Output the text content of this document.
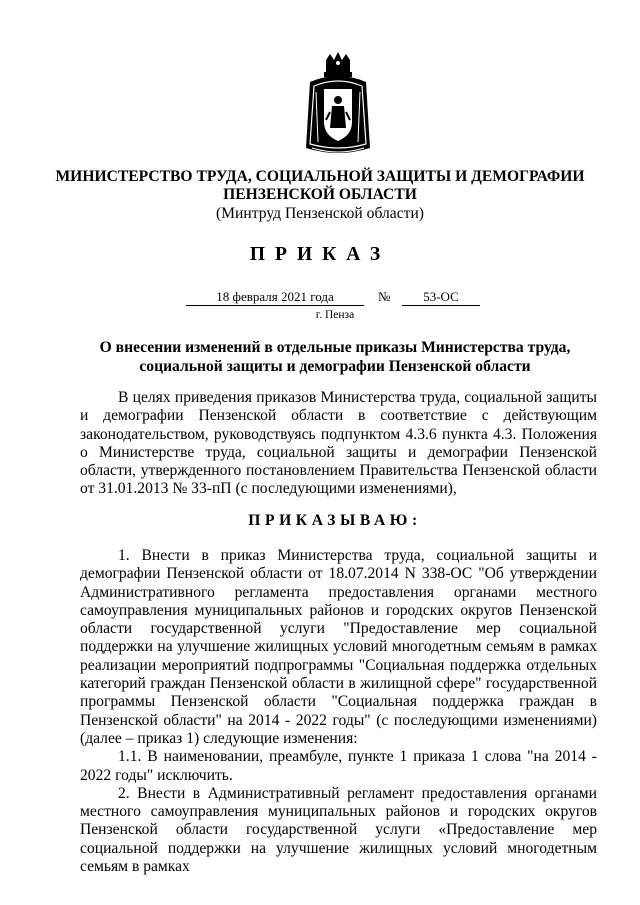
МИНИСТЕРСТВО ТРУДА, СОЦИАЛЬНОЙ ЗАЩИТЫ И ДЕМОГРАФИИ
ПЕНЗЕНСКОЙ ОБЛАСТИ
(Минтруд Пензенской области)
ПРИКАЗ
18 февраля 2021 года	№	53-ОС
г. Пенза
О внесении изменений в отдельные приказы Министерства труда,
социальной защиты и демографии Пензенской области

В целях приведения приказов Министерства труда, социальной защиты и демографии Пензенской области в соответствие с действующим законодательством, руководствуясь подпунктом 4.3.6 пункта 4.3. Положения о Министерстве труда, социальной защиты и демографии Пензенской области, утвержденного постановлением Правительства Пензенской области от 31.01.2013 № 33-пП (с последующими изменениями),

ПРИКАЗЫВАЮ:

1. Внести в приказ Министерства труда, социальной защиты и демографии Пензенской области от 18.07.2014 N 338-ОС "Об утверждении Административного регламента предоставления органами местного самоуправления муниципальных районов и городских округов Пензенской области государственной услуги "Предоставление мер социальной поддержки на улучшение жилищных условий многодетным семьям в рамках реализации мероприятий подпрограммы "Социальная поддержка отдельных категорий граждан Пензенской области в жилищной сфере" государственной программы Пензенской области "Социальная поддержка граждан в Пензенской области" на 2014 - 2022 годы" (с последующими изменениями) (далее – приказ 1) следующие изменения:

1.1. В наименовании, преамбуле, пункте 1 приказа 1 слова "на 2014 - 2022 годы" исключить.

2. Внести в Административный регламент предоставления органами местного самоуправления муниципальных районов и городских округов Пензенской области государственной услуги «Предоставление мер социальной поддержки на улучшение жилищных условий многодетным семьям в рамках
